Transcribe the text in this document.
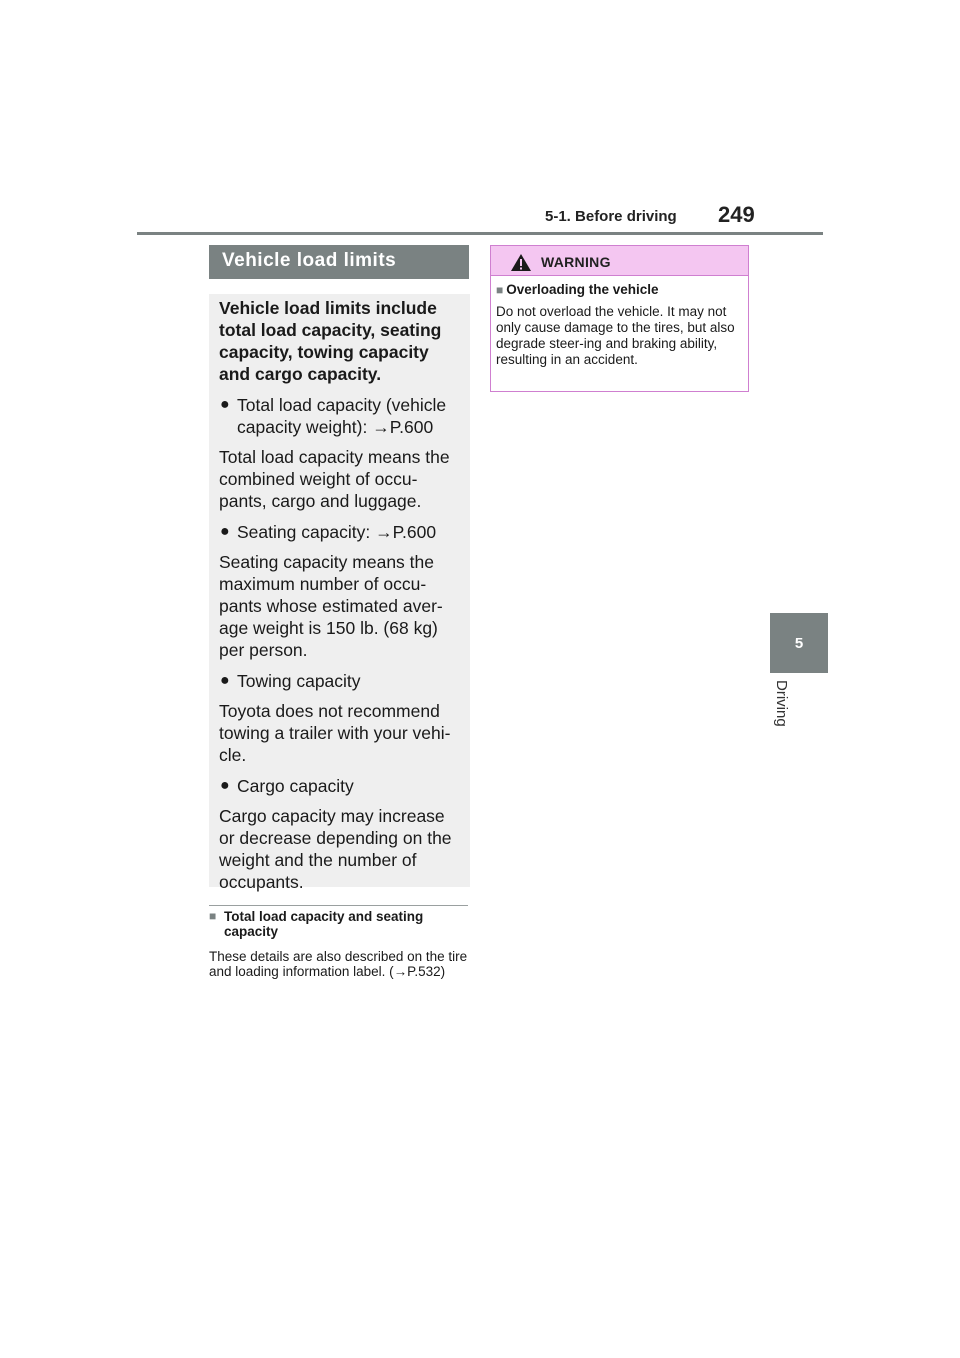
5-1. Before driving 249
5
Driving
Vehicle load limits
Vehicle load limits include total load capacity, seating capacity, towing capacity and cargo capacity.
● Total load capacity (vehicle capacity weight): →P.600
Total load capacity means the combined weight of occu-pants, cargo and luggage.
● Seating capacity: →P.600
Seating capacity means the maximum number of occu-pants whose estimated aver-age weight is 150 lb. (68 kg) per person.
● Towing capacity
Toyota does not recommend towing a trailer with your vehi-cle.
● Cargo capacity
Cargo capacity may increase or decrease depending on the weight and the number of occupants.
■ Total load capacity and seating capacity
These details are also described on the tire and loading information label. (→P.532)
WARNING
■ Overloading the vehicle
Do not overload the vehicle. It may not only cause damage to the tires, but also degrade steer-ing and braking ability, resulting in an accident.
